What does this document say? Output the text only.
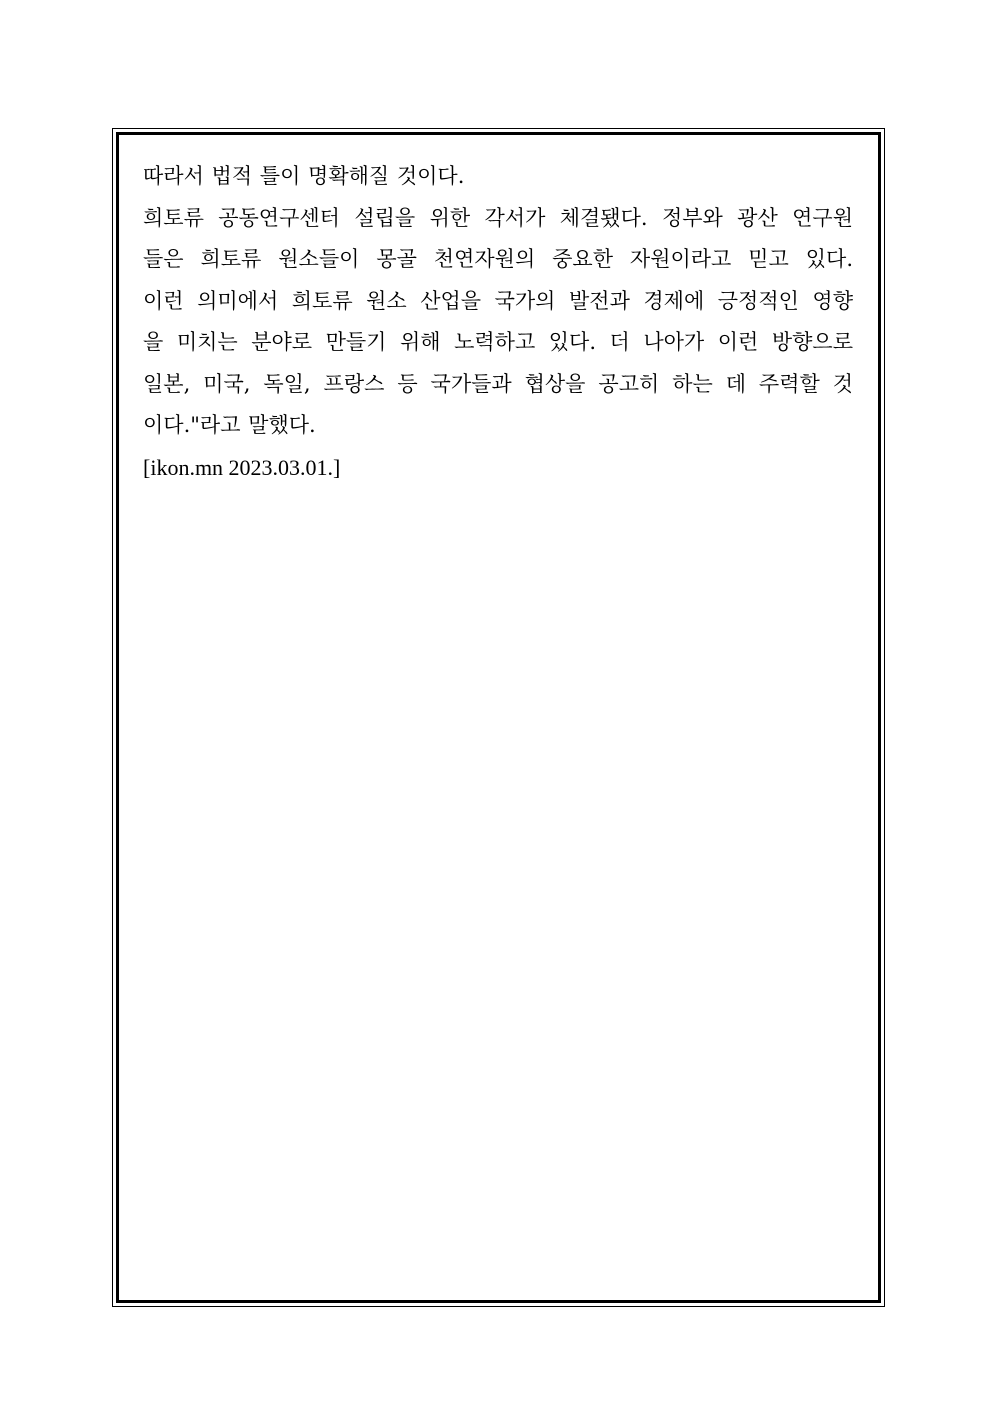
따라서 법적 틀이 명확해질 것이다.

희토류 공동연구센터 설립을 위한 각서가 체결됐다. 정부와 광산 연구원
들은 희토류 원소들이 몽골 천연자원의 중요한 자원이라고 믿고 있다.
이런 의미에서 희토류 원소 산업을 국가의 발전과 경제에 긍정적인 영향
을 미치는 분야로 만들기 위해 노력하고 있다. 더 나아가 이런 방향으로
일본, 미국, 독일, 프랑스 등 국가들과 협상을 공고히 하는 데 주력할 것
이다."라고 말했다.

[ikon.mn 2023.03.01.]
